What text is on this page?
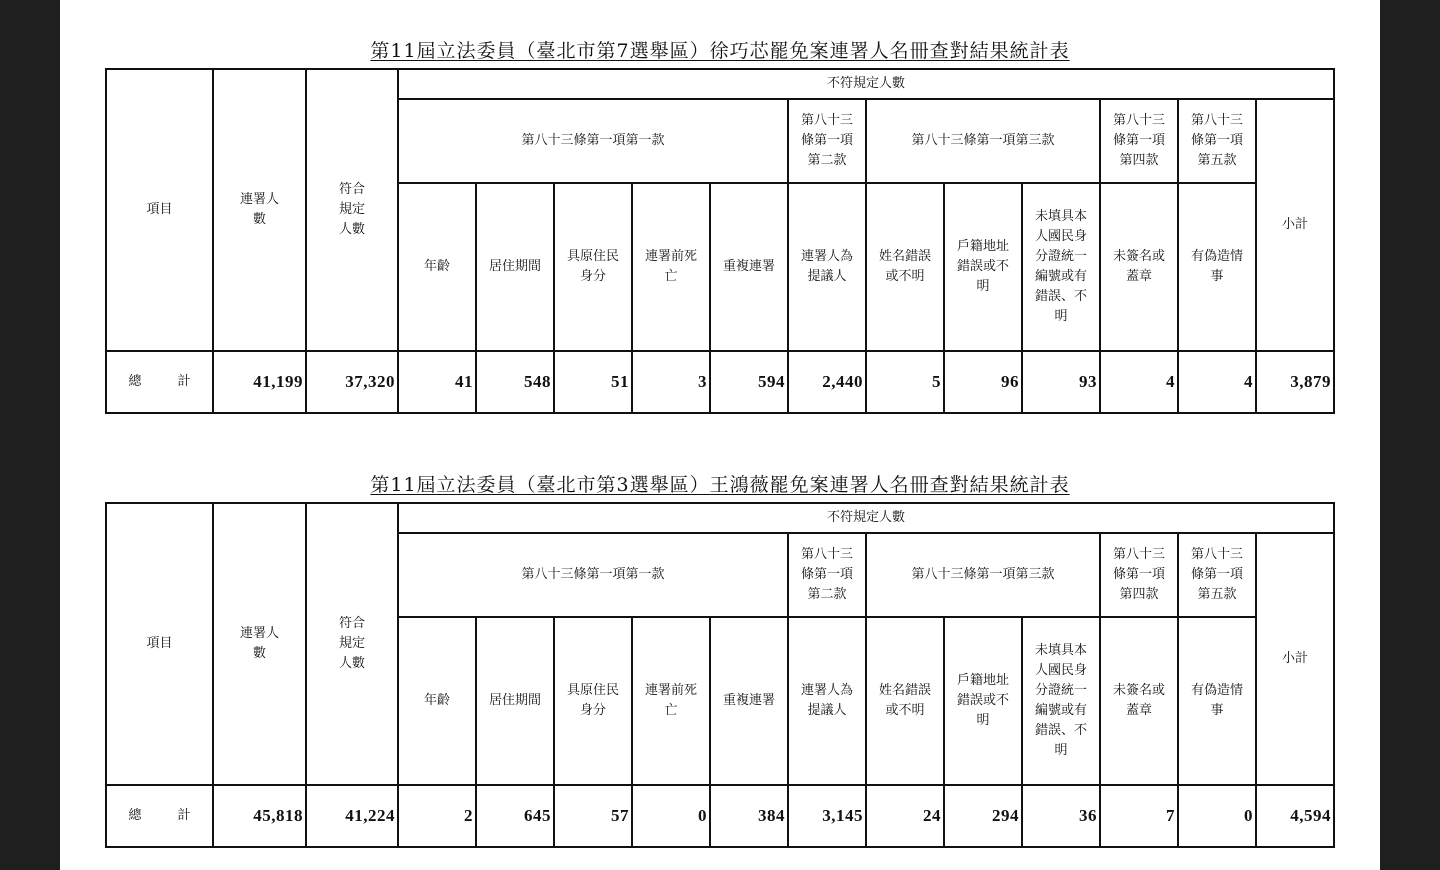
第11屆立法委員（臺北市第7選舉區）徐巧芯罷免案連署人名冊查對結果統計表
項目	連署人數	符合規定人數	不符規定人數											
			第八十三條第一項第一款					第八十三條第一項第二款	第八十三條第一項第三款			第八十三條第一項第四款	第八十三條第一項第五款	小計
			年齡	居住期間	具原住民身分	連署前死亡	重複連署	連署人為提議人	姓名錯誤或不明	戶籍地址錯誤或不明	未填具本人國民身分證統一編號或有錯誤、不明	未簽名或蓋章	有偽造情事	
總 計	41,199	37,320	41	548	51	3	594	2,440	5	96	93	4	4	3,879
第11屆立法委員（臺北市第3選舉區）王鴻薇罷免案連署人名冊查對結果統計表
項目	連署人數	符合規定人數	不符規定人數											
			第八十三條第一項第一款					第八十三條第一項第二款	第八十三條第一項第三款			第八十三條第一項第四款	第八十三條第一項第五款	小計
			年齡	居住期間	具原住民身分	連署前死亡	重複連署	連署人為提議人	姓名錯誤或不明	戶籍地址錯誤或不明	未填具本人國民身分證統一編號或有錯誤、不明	未簽名或蓋章	有偽造情事	
總 計	45,818	41,224	2	645	57	0	384	3,145	24	294	36	7	0	4,594
